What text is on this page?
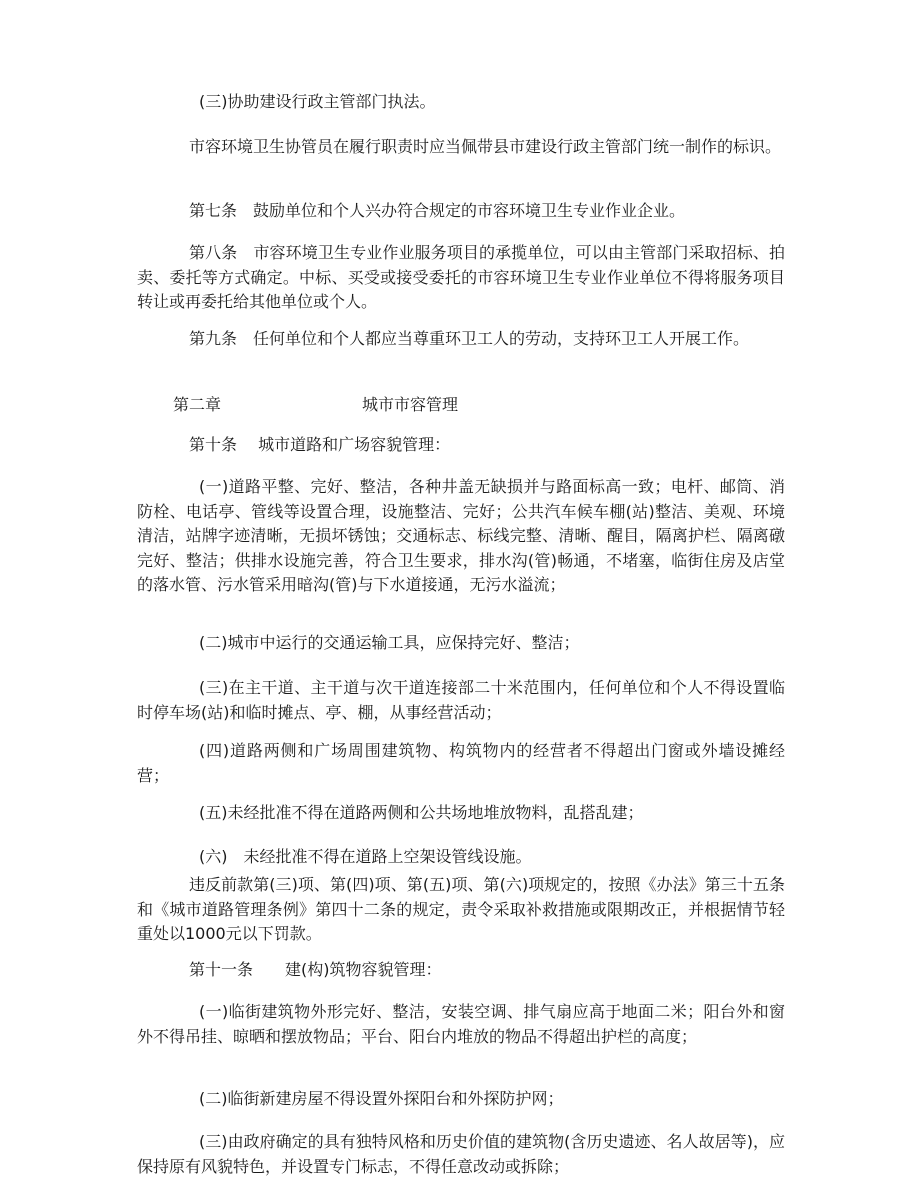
(三)协助建设行政主管部门执法。

市容环境卫生协管员在履行职责时应当佩带县市建设行政主管部门统一制作的标识。

第七条　鼓励单位和个人兴办符合规定的市容环境卫生专业作业企业。

第八条　市容环境卫生专业作业服务项目的承揽单位，可以由主管部门采取招标、拍卖、委托等方式确定。中标、买受或接受委托的市容环境卫生专业作业单位不得将服务项目转让或再委托给其他单位或个人。

第九条　任何单位和个人都应当尊重环卫工人的劳动，支持环卫工人开展工作。

第二章	城市市容管理

第十条　 城市道路和广场容貌管理：

(一)道路平整、完好、整洁，各种井盖无缺损并与路面标高一致；电杆、邮筒、消防栓、电话亭、管线等设置合理，设施整洁、完好；公共汽车候车棚(站)整洁、美观、环境清洁，站牌字迹清晰，无损坏锈蚀；交通标志、标线完整、清晰、醒目，隔离护栏、隔离礅完好、整洁；供排水设施完善，符合卫生要求，排水沟(管)畅通，不堵塞，临街住房及店堂的落水管、污水管采用暗沟(管)与下水道接通，无污水溢流；

(二)城市中运行的交通运输工具，应保持完好、整洁；

(三)在主干道、主干道与次干道连接部二十米范围内，任何单位和个人不得设置临时停车场(站)和临时摊点、亭、棚，从事经营活动；

(四)道路两侧和广场周围建筑物、构筑物内的经营者不得超出门窗或外墙设摊经营；

(五)未经批准不得在道路两侧和公共场地堆放物料，乱搭乱建；

(六)　未经批准不得在道路上空架设管线设施。

违反前款第(三)项、第(四)项、第(五)项、第(六)项规定的，按照《办法》第三十五条和《城市道路管理条例》第四十二条的规定，责令采取补救措施或限期改正，并根据情节轻重处以1000元以下罚款。

第十一条　　建(构)筑物容貌管理：

(一)临街建筑物外形完好、整洁，安装空调、排气扇应高于地面二米；阳台外和窗外不得吊挂、晾晒和摆放物品；平台、阳台内堆放的物品不得超出护栏的高度；

(二)临街新建房屋不得设置外探阳台和外探防护网；

(三)由政府确定的具有独特风格和历史价值的建筑物(含历史遗迹、名人故居等)，应保持原有风貌特色，并设置专门标志，不得任意改动或拆除；
